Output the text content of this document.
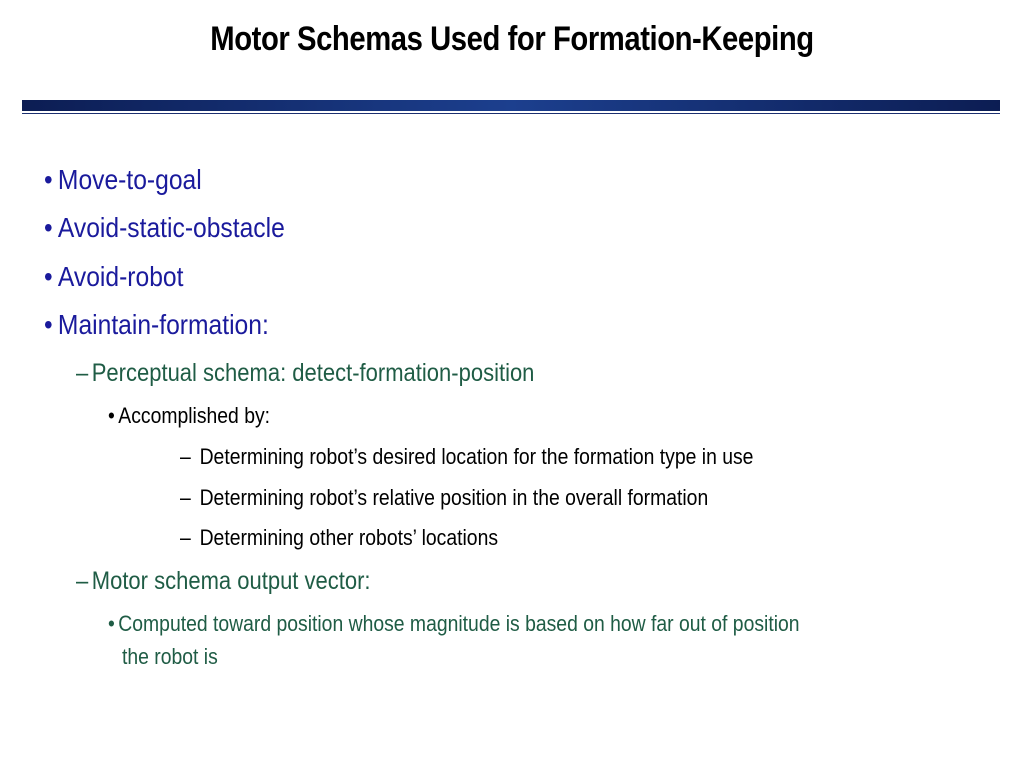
Motor Schemas Used for Formation-Keeping
• Move-to-goal
• Avoid-static-obstacle
• Avoid-robot
• Maintain-formation:
– Perceptual schema: detect-formation-position
• Accomplished by:
– Determining robot’s desired location for the formation type in use
– Determining robot’s relative position in the overall formation
– Determining other robots’ locations
– Motor schema output vector:
• Computed toward position whose magnitude is based on how far out of position
the robot is
